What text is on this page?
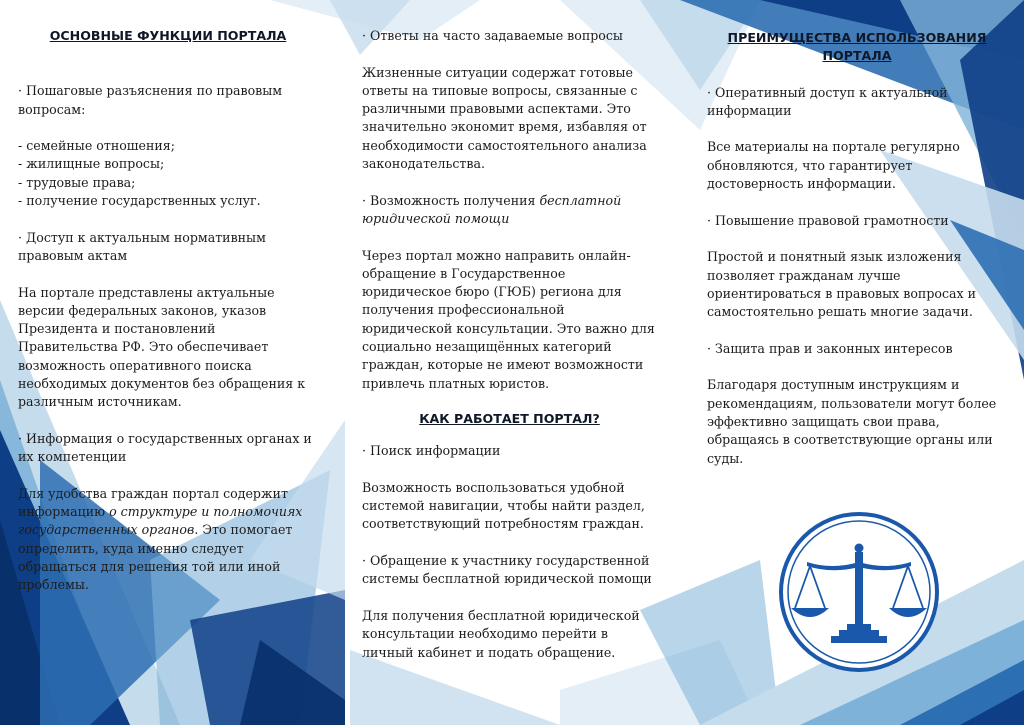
ОСНОВНЫЕ ФУНКЦИИ ПОРТАЛА

· Пошаговые разъяснения по правовым вопросам:

- семейные отношения;
- жилищные вопросы;
- трудовые права;
- получение государственных услуг.

· Доступ к актуальным нормативным правовым актам

На портале представлены актуальные версии федеральных законов, указов Президента и постановлений Правительства РФ. Это обеспечивает возможность оперативного поиска необходимых документов без обращения к различным источникам.

· Информация о государственных органах и их компетенции

Для удобства граждан портал содержит информацию о структуре и полномочиях государственных органов. Это помогает определить, куда именно следует обращаться для решения той или иной проблемы.

· Ответы на часто задаваемые вопросы

Жизненные ситуации содержат готовые ответы на типовые вопросы, связанные с различными правовыми аспектами. Это значительно экономит время, избавляя от необходимости самостоятельного анализа законодательства.

· Возможность получения бесплатной юридической помощи

Через портал можно направить онлайн-обращение в Государственное юридическое бюро (ГЮБ) региона для получения профессиональной юридической консультации. Это важно для социально незащищённых категорий граждан, которые не имеют возможности привлечь платных юристов.

КАК РАБОТАЕТ ПОРТАЛ?

· Поиск информации

Возможность воспользоваться удобной системой навигации, чтобы найти раздел, соответствующий потребностям граждан.

· Обращение к участнику государственной системы бесплатной юридической помощи

Для получения бесплатной юридической консультации необходимо перейти в личный кабинет и подать обращение.

ПРЕИМУЩЕСТВА ИСПОЛЬЗОВАНИЯ ПОРТАЛА

· Оперативный доступ к актуальной информации

Все материалы на портале регулярно обновляются, что гарантирует достоверность информации.

· Повышение правовой грамотности

Простой и понятный язык изложения позволяет гражданам лучше ориентироваться в правовых вопросах и самостоятельно решать многие задачи.

· Защита прав и законных интересов

Благодаря доступным инструкциям и рекомендациям, пользователи могут более эффективно защищать свои права, обращаясь в соответствующие органы или суды.
